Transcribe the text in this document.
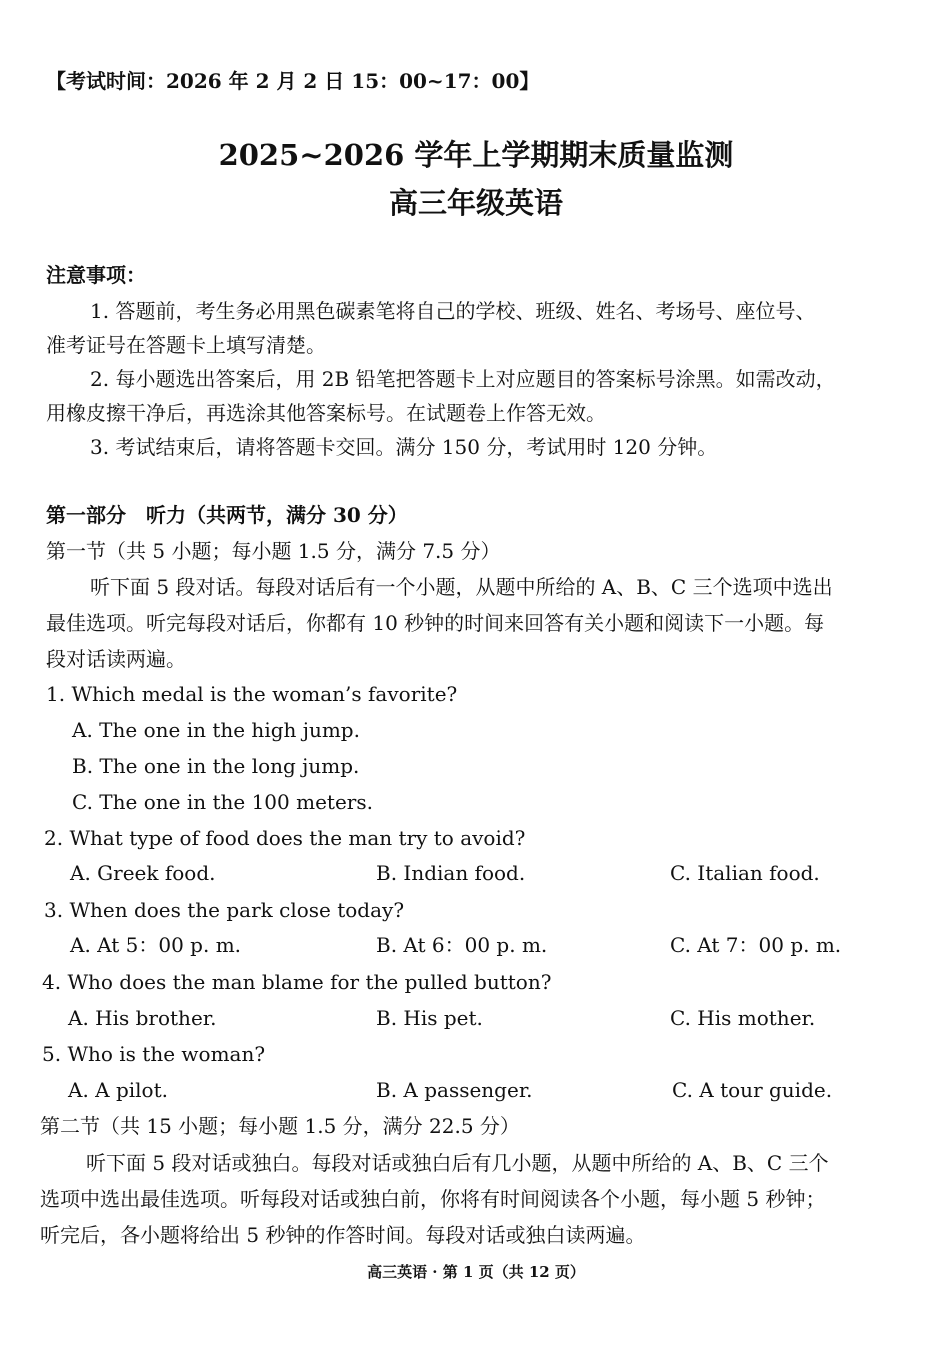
【考试时间：2026 年 2 月 2 日 15：00~17：00】
2025~2026 学年上学期期末质量监测
高三年级英语
注意事项：
1. 答题前，考生务必用黑色碳素笔将自己的学校、班级、姓名、考场号、座位号、
准考证号在答题卡上填写清楚。
2. 每小题选出答案后，用 2B 铅笔把答题卡上对应题目的答案标号涂黑。如需改动，
用橡皮擦干净后，再选涂其他答案标号。在试题卷上作答无效。
3. 考试结束后，请将答题卡交回。满分 150 分，考试用时 120 分钟。
第一部分　听力（共两节，满分 30 分）
第一节（共 5 小题；每小题 1.5 分，满分 7.5 分）
听下面 5 段对话。每段对话后有一个小题，从题中所给的 A、B、C 三个选项中选出
最佳选项。听完每段对话后，你都有 10 秒钟的时间来回答有关小题和阅读下一小题。每
段对话读两遍。
1. Which medal is the woman’s favorite?
A. The one in the high jump.
B. The one in the long jump.
C. The one in the 100 meters.
2. What type of food does the man try to avoid?
A. Greek food.	B. Indian food.	C. Italian food.
3. When does the park close today?
A. At 5：00 p. m.	B. At 6：00 p. m.	C. At 7：00 p. m.
4. Who does the man blame for the pulled button?
A. His brother.	B. His pet.	C. His mother.
5. Who is the woman?
A. A pilot.	B. A passenger.	C. A tour guide.
第二节（共 15 小题；每小题 1.5 分，满分 22.5 分）
听下面 5 段对话或独白。每段对话或独白后有几小题，从题中所给的 A、B、C 三个
选项中选出最佳选项。听每段对话或独白前，你将有时间阅读各个小题，每小题 5 秒钟；
听完后，各小题将给出 5 秒钟的作答时间。每段对话或独白读两遍。
高三英语 · 第 1 页（共 12 页）
